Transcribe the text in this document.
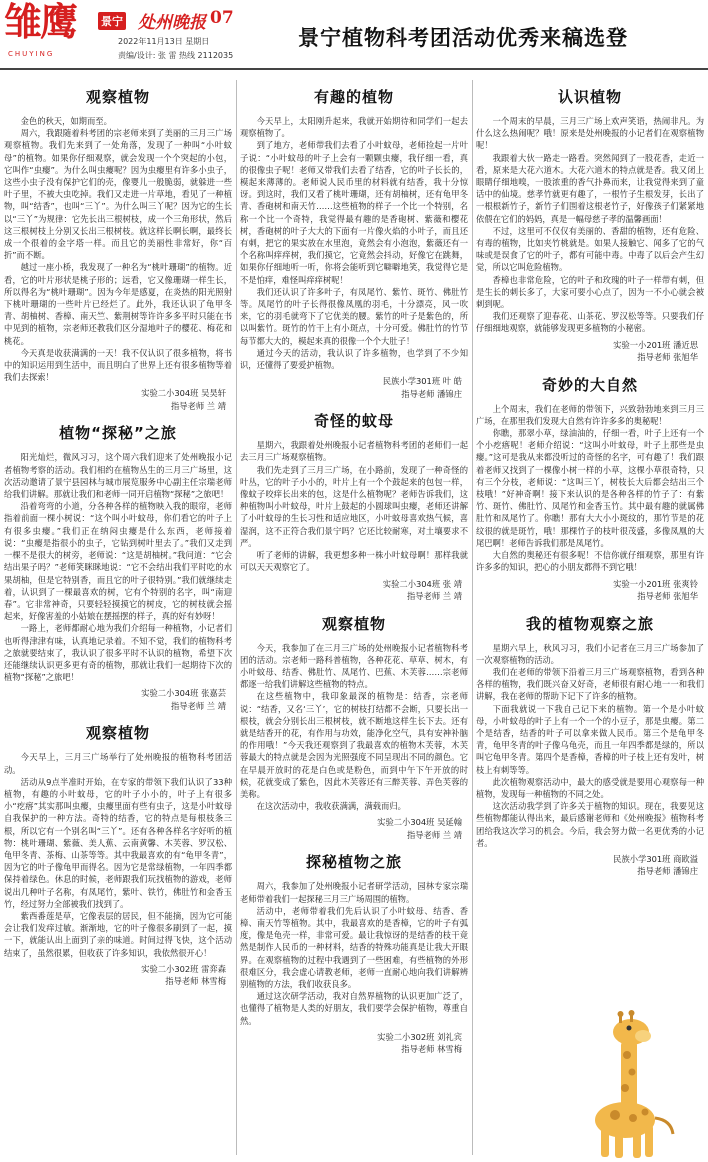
雏鹰
CHUYING
景宁 处州晚报 07
2022年11月13日 星期日
责编/设计: 张 雷 热线 2112035
景宁植物科考团活动优秀来稿选登
观察植物

金色的秋天，如期而至。

周六，我跟随着科考团的宗老师来到了美丽的三月三广场观察植物。我们先来到了一处角落，发现了一种叫“小叶蚊母”的植物。如果你仔细观察，就会发现一个个突起的小包，它叫作“虫瘿”。为什么叫虫瘿呢？因为虫瘿里有许多小虫子，这些小虫子没有保护它们的壳，像婴儿一般脆弱，就躲进一些叶子里，不被大虫吃掉。我们又走进一片草地，看见了一种植物，叫“结香”，也叫“三丫”。为什么叫三丫呢？因为它的生长以“三丫”为规律：它先长出三根树枝，成一个三角形状，然后这三根树枝上分别又长出三根树枝。就这样长啊长啊，最终长成一个很着的金字塔一样。而且它的美丽性非常好，你“百折”而不断。

越过一座小桥，我发现了一种名为“桃叶珊瑚”的植物。近看，它的叶片形状是桃子形的；远看，它又像珊瑚一样生长，所以得名为“桃叶珊瑚”。因为今年是感夏，在炎热的阳光照射下桃叶珊瑚的一些叶片已经烂了。此外，我还认识了龟甲冬青、胡柚树、香樟、南天竺、紫荆树等许许多多平时只能在书中见到的植物，宗老师还教我们区分湿地叶子的樱花、梅花和桃花。

今天真是收获满满的一天！我不仅认识了很多植物，将书中的知识运用到生活中，而且明白了世界上还有很多植物等着我们去探索！

实验二小304班 吴昊轩
指导老师 兰 靖
植物“探秘”之旅

阳光灿烂，微风习习，这个周六我们迎来了处州晚报小记者植物考察的活动。我们相约在植物丛生的三月三广场里，这次活动邀请了景宁县园林与城市展览服务中心副主任宗瑞老师给我们讲解。那就让我们和老师一同开启植物“探秘”之旅吧！

沿着弯弯的小道，分各种各样的植物映入我的眼帘，老师指着前面一棵小树说：“这个叫小叶蚊母，你们看它的叶子上有很多虫瘿。”我们正在纳闷虫瘿是什么东西，老师接着说：“虫瘿是指很小的虫子，它钻到树叶里去了。”我们又走到一棵不是很大的树旁，老师说：“这是胡柚树。”我问道：“它会结出果子吗？”老师笑眯眯地说：“它不会结出我们平时吃的水果胡柚，但是它特别香，而且它的叶子很特别。”我们就继续走着，认识到了一棵最喜欢的树，它有个特别的名字，叫“南迎春”。它非常神奇，只要轻轻摸摸它的树皮，它的树枝就会摇起来，好像害羞的小姑娘在摆摇摆的样子，真的好有妙呀！

一路上，老师都耐心地为我们介绍每一种植物，小记者们也听得津津有味，认真地记录着。不知不觉，我们的植物科考之旅就要结束了，我认识了很多平时不认识的植物，希望下次还能继续认识更多更有奇的植物，那就让我们一起期待下次的植物“探秘”之旅吧！

实验二小304班 张嘉芸
指导老师 兰 靖
观察植物

今天早上，三月三广场举行了处州晚报的植物科考团活动。

活动从9点半准时开始，在专家的带领下我们认识了33种植物，有趣的小叶蚊母，它的叶子小小的，叶子上有很多小“疙瘩”其实那叫虫瘿，虫瘿里面有些有虫子，这是小叶蚊母自我保护的一种方法。奇特的结香，它的特点是每根枝条三根，所以它有一个别名叫“三丫”。还有各种各样名字好听的植物：桃叶珊瑚、紫薇、美人蕉、云南黄馨、木芙蓉、罗汉松、龟甲冬青、茶梅、山茶等等。其中我最喜欢的有“龟甲冬青”，因为它的叶子像龟甲而得名。因为它是常绿植物，一年四季都保持着绿色。休息的时候，老师跟我们玩找植物的游戏，老师说出几种叶子名称，有凤尾竹，紫叶、铁竹，佛肚竹和金香玉竹，经过努力全部被我们找到了。

紫西番莲是草，它像表层的居民，但不能摘，因为它可能会让我们发痒过敏。渐渐地，它的叶子像很多刷到了一起，摸一下，就能认出上面到了亲的味道。时间过得飞快，这个活动结束了，虽然很累，但收获了许多知识，我依然很开心！

实验二小302班 雷弈森
指导老师 林雪梅
有趣的植物

今天早上，太阳刚升起来，我就开始期待和同学们一起去观察植物了。

到了地方，老师带我们去看了小叶蚊母，老师捡起一片叶子说：“小叶蚊母的叶子上会有一颗颗虫瘿，我仔细一看，真的很像虫子呢！老师又带我们去看了结香，它的叶子长长的，模起来薄薄的。老师说人民币里的材料就有结香，我十分惊讶。到这时，我们又看了桃叶珊瑚，还有胡柚树，还有龟甲冬青、香砲树和南天竹……这些植物的样子一个比一个特别，名称一个比一个奇特，我觉得最有趣的是香砲树、紫薇和樱花树，香砲树的叶子大大的下面有一片像火焰的小叶子，而且还有刺，把它的果实放在水里泡，竟然会有小泡泡，紫薇还有一个名称叫痒痒树，我们摸它，它竟然会抖动，好像它在跳舞，如果你仔细地听一听，你将会能听到它噼噼地笑，我觉得它是不是怕痒，难怪叫痒痒树呢！

我们还认识了许多叶子，有凤尾竹、紫竹、斑竹、佛肚竹等。凤尾竹的叶子长得很像凤凰的羽毛，十分漂亮，风一吹来，它的羽毛就弯下了它优美的腰。紫竹的叶子是紫色的，所以叫紫竹。斑竹的竹干上有小斑点，十分可爱。佛肚竹的竹节每节都大大的，模起来真的很像一个个大肚子！

通过今天的活动，我认识了许多植物，也学到了不少知识，还懂得了要爱护植物。

民族小学301班 叶 皓
指导老师 潘锦庄
奇怪的蚊母

星期六，我跟着处州晚报小记者植物科考团的老师们一起去三月三广场观察植物。

我们先走到了三月三广场，在小路前，发现了一种奇怪的叶丛，它的叶子小小的，叶片上有一个个鼓起来的包包一样，像蚊子咬痒长出来的包，这是什么植物呢？老师告诉我们，这种植物叫小叶蚊母，叶片上鼓起的小圆球叫虫瘿，老师还讲解了小叶蚊母的生长习性和适应地区，小叶蚊母喜欢热气候，喜湿润，这不正符合我们景宁吗？它还比较耐寒，对土壤要求不严。

听了老师的讲解，我更想多种一株小叶蚊母啊！那样我就可以天天观察它了。

实验二小304班 张 靖
指导老师 兰 靖
观察植物

今天，我参加了在三月三广场的处州晚报小记者植物科考团的活动。宗老师一路科普植物，各种花花、草草、树木，有小叶蚊母、结香、佛肚竹、凤尾竹、巴蕉、木芙蓉……宗老师都逐一给我们讲解这些植物的特点。

在这些植物中，我印象最深的植物是：结香，宗老师说：“结香，又名‘三丫’，它的树枝打结都不会断，只要长出一根枝，就会分别长出三根树枝，就不断地这样生长下去。还有就是结香开的花，有作用与功效，能净化空气，具有安神补脑的作用哦！”今天我还观察到了我最喜欢的植物木芙蓉，木芙蓉最大的特点就是会因为光照强度不同呈现出不同的颜色。它在早晨开放时的花是白色或是粉色，而到中午下午开放的时候，花就变成了紫色，因此木芙蓉还有三醉芙蓉、弄色芙蓉的美称。

在这次活动中，我收获满满，满载而归。

实验二小304班 吴延翰
指导老师 兰 靖
探秘植物之旅

周六，我参加了处州晚报小记者研学活动，园林专家宗瑞老师带着我们一起探秘三月三广场周围的植物。

活动中，老师带着我们先后认识了小叶蚊母、结香、香樟、南天竹等植物。其中，我最喜欢的是香樟，它的叶子有弧度，像是龟壳一样，非常可爱。最让我惊讶的是结香的枝干竟然是制作人民币的一种材料，结香的特殊功能真是让我大开眼界。在观察植物的过程中我遇到了一些困难，有些植物的外形很难区分，我会虚心请教老师，老师一直耐心地向我们讲解辨别植物的方法，我们收获良多。

通过这次研学活动，我对自然界植物的认识更加广泛了，也懂得了植物是人类的好朋友，我们要学会保护植物，尊重自然。

实验二小302班 刘礼宾
指导老师 林雪梅
认识植物

一个周末的早晨，三月三广场上欢声笑语，热闹非凡。为什么这么热闹呢？哦！原来是处州晚报的小记者们在观察植物呢！

我跟着大伙一路走一路看。突然闻到了一股花香，走近一看，原来是大花六道木。大花六道木的特点就是香。我又闭上眼睛仔细地嗅，一股浓重的香气扑鼻而来，让我觉得来到了童话中的仙境。慈孝竹就更有趣了，一根竹子生根发芽，长出了一根根新竹子，新竹子们围着这根老竹子，好像孩子们紧紧地依偎在它们的妈妈，真是一幅母慈子孝的温馨画面！

不过，这里可不仅仅有美丽的、香甜的植物，还有危险、有毒的植物，比如夹竹桃就是。如果人接触它、闻多了它的气味或是误食了它的叶子，都有可能中毒。中毒了以后会产生幻觉，所以它叫危险植物。

香樟也非常危险，它的叶子和玫瑰的叶子一样带有刺，但是生长的刺长多了，大家可要小心点了，因为一不小心就会被刺到呢。

我们还观察了迎春花、山茶花、罗汉松等等。只要我们仔仔细细地观察，就能够发现更多植物的小秘密。

实验一小201班 潘近思
指导老师 张旭华
奇妙的大自然

上个周末，我们在老师的带领下，兴致勃勃地来到三月三广场，在那里我们发现大自然有许许多多的奥秘呢！

你瞧，那翠小草，绿油油的，仔细一看，叶子上还有一个个小疙瘩呢！老师介绍说：“这叫小叶蚊母，叶子上那些是虫瘿。”这可是我从来都没听过的奇怪的名字，可有趣了！我们跟着老师又找到了一棵像小树一样的小草，这棵小草很奇特，只有三个分枝，老师说：“这叫三丫，树枝长大后都会结出三个枝哦！”好神奇啊！接下来认识的是各种各样的竹子了：有紫竹、斑竹、佛肚竹、凤尾竹和金香玉竹。其中最有趣的就属佛肚竹和凤尾竹了。你瞧！那有大大小小斑纹的，那竹节是的花纹很的就是斑竹，哦！那棵竹子的枝叶很茂盛，多像凤凰的大尾巴啊！老师告诉我们那是凤尾竹。

大自然的奥秘还有很多呢！不信你就仔细观察，那里有许许多多的知识，把心的小朋友都得不到它哦！

实验一小201班 张爽铃
指导老师 张旭华
我的植物观察之旅

星期六早上，秋风习习，我们小记者在三月三广场参加了一次观察植物的活动。

我们在老师的带领下沿着三月三广场观察植物，看到各种各样的植物，我们既兴奋又好奇，老师很有耐心地一一和我们讲解，我在老师的帮助下记下了许多的植物。

下面我就说一下我自己记下来的植物。第一个是小叶蚊母，小叶蚊母的叶子上有一个一个的小豆子，那是虫瘿。第二个是结香，结香的叶子可以拿来做人民币。第三个是龟甲冬青，龟甲冬青的叶子像乌龟壳，而且一年四季都是绿的，所以叫它龟甲冬青。第四个是香樟，香樟的叶子枝上还有发叶，树枝上有刺等等。

此次植物观察活动中，最大的感受就是要用心观察每一种植物，发现每一种植物的不同之处。

这次活动我学到了许多关于植物的知识。现在，我要见这些植物都能认得出来，最后感谢老师和《处州晚报》植物科考团给我这次学习的机会。今后，我会努力做一名更优秀的小记者。

民族小学301班 商欧溢
指导老师 潘锦庄
